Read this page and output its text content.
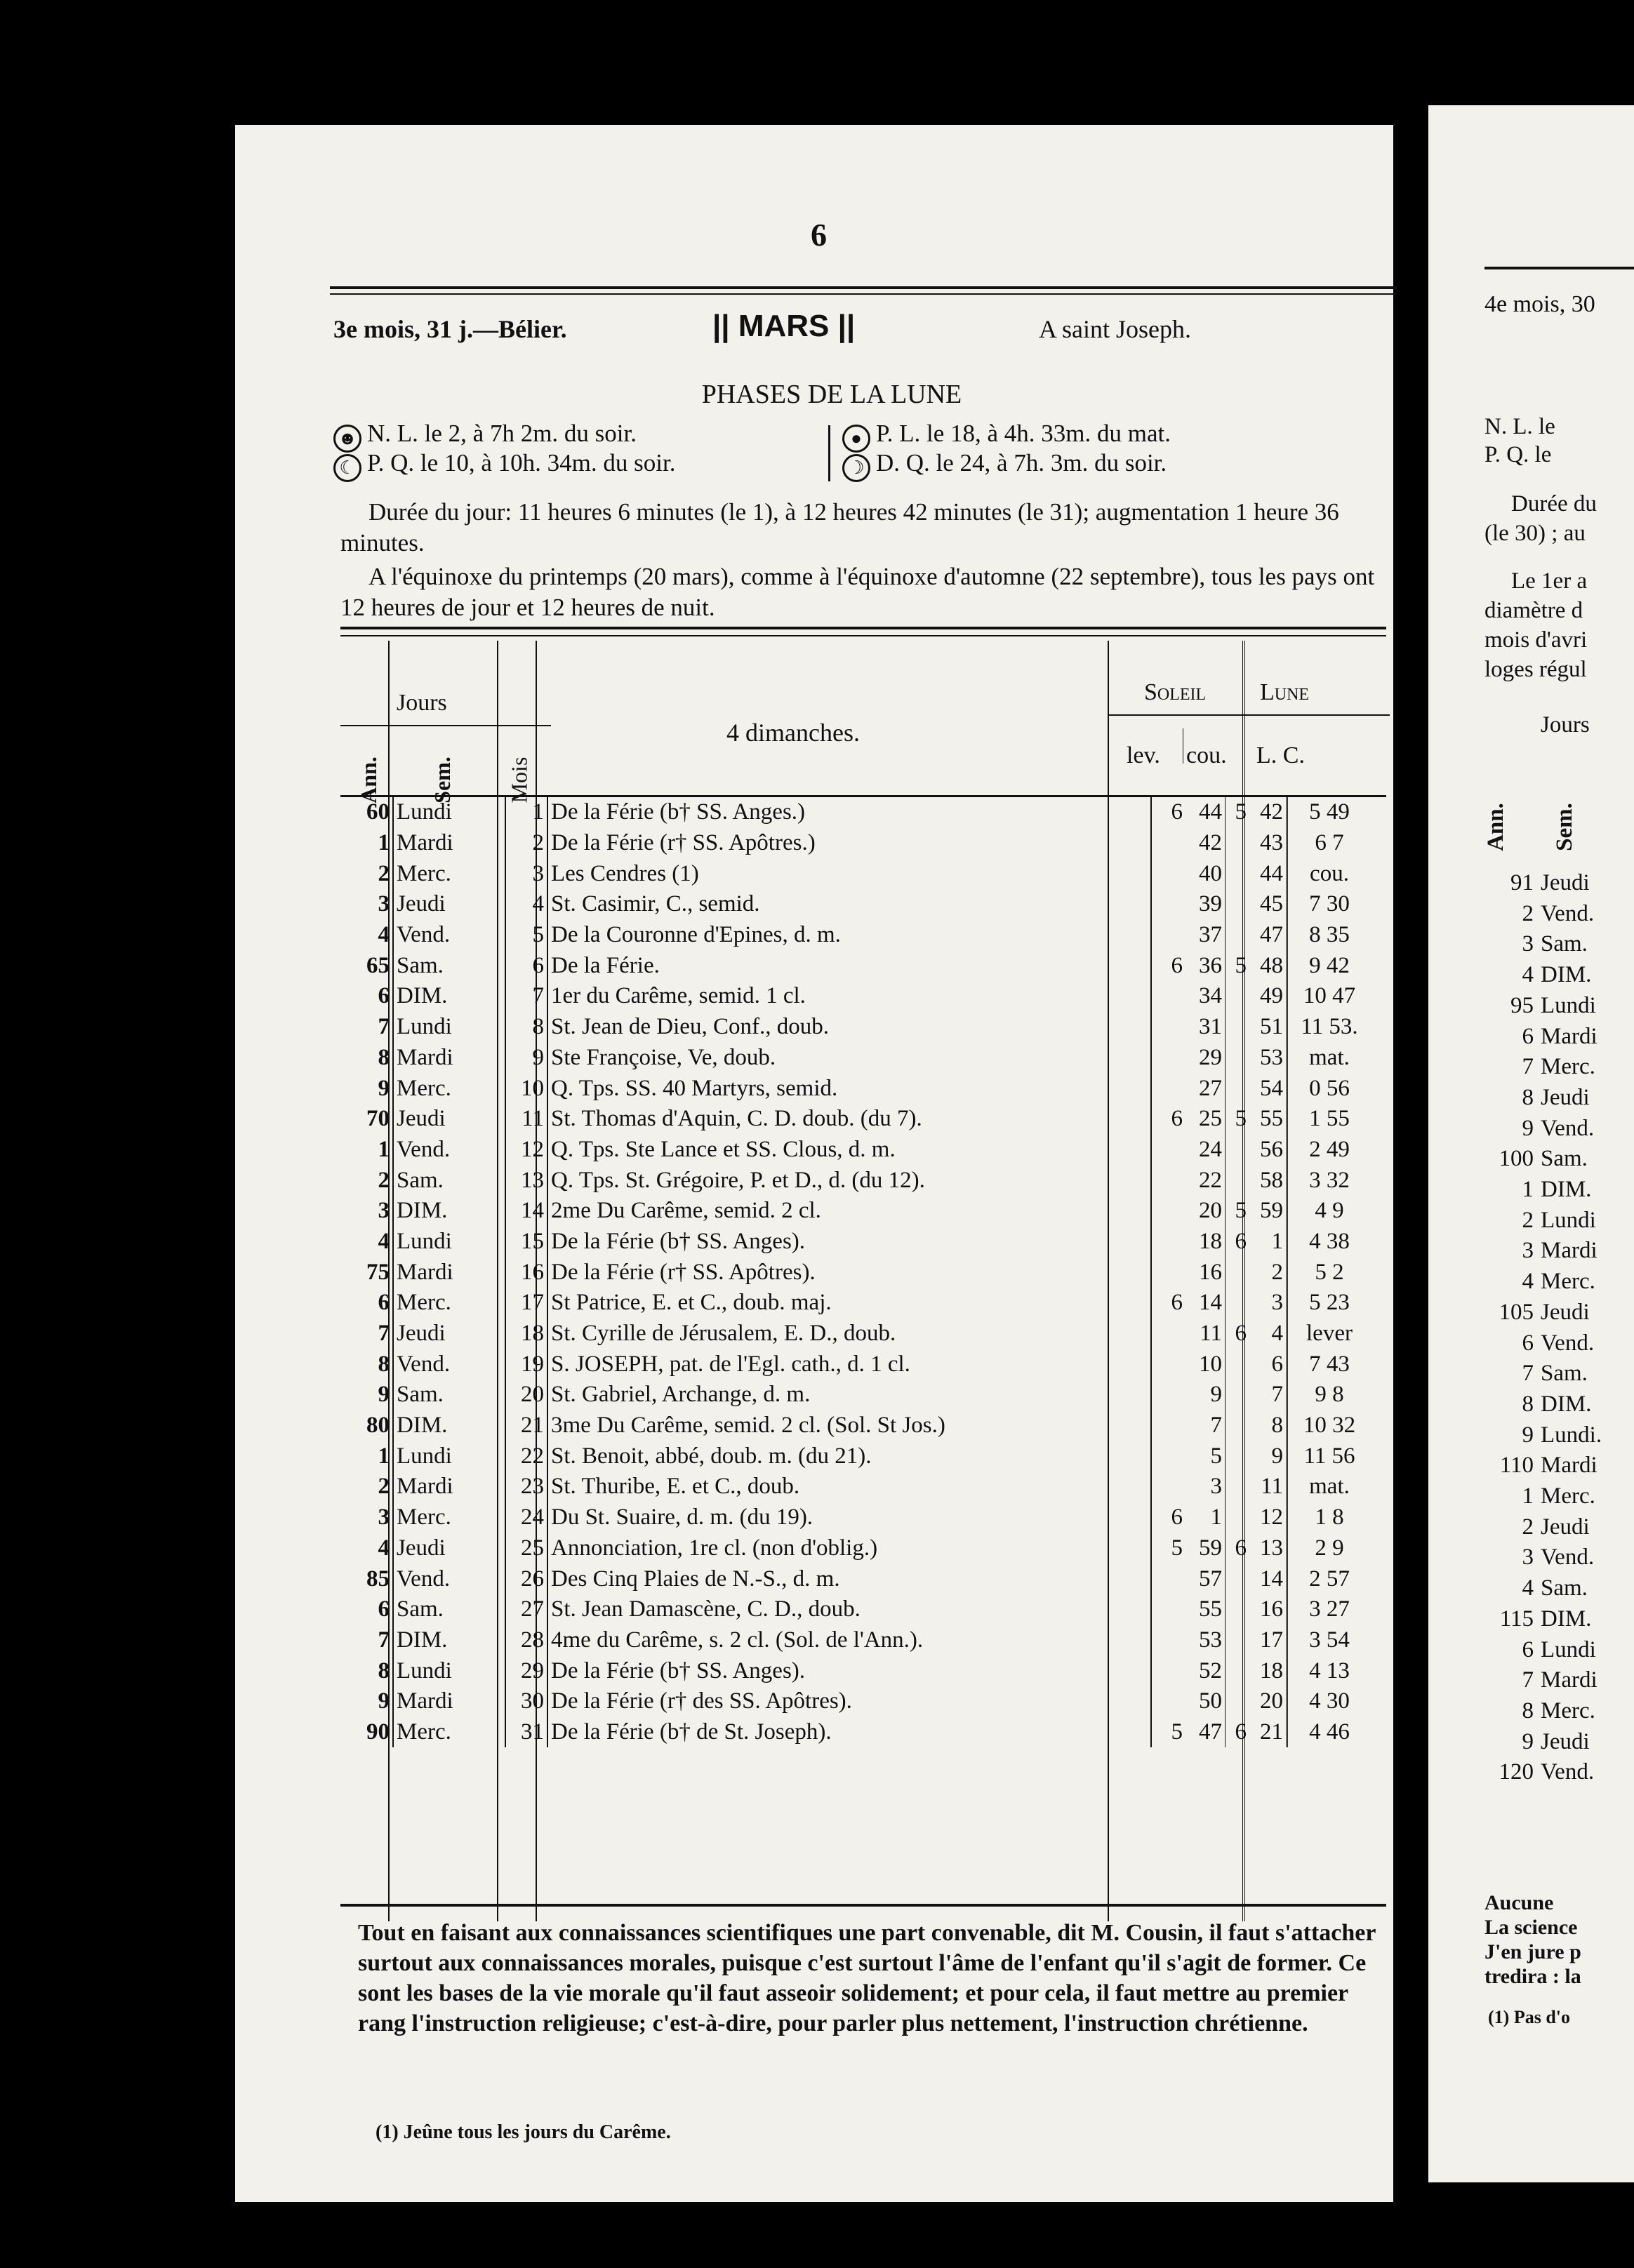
6
3e mois, 31 j.—Bélier.	|| MARS ||	A saint Joseph.
PHASES DE LA LUNE
☻ N. L. le 2, à 7h 2m. du soir.
☾ P. Q. le 10, à 10h. 34m. du soir.
● P. L. le 18, à 4h. 33m. du mat.
☽ D. Q. le 24, à 7h. 3m. du soir.
Durée du jour: 11 heures 6 minutes (le 1), à 12 heures 42 minutes (le 31); augmentation 1 heure 36 minutes.
A l'équinoxe du printemps (20 mars), comme à l'équinoxe d'automne (22 septembre), tous les pays ont 12 heures de jour et 12 heures de nuit.
Jours
Ann. Sem. Mois
4 dimanches.
Soleil Lune
lev. cou. L. C.
60	Lundi	1	De la Férie (b† SS. Anges.)	6	44	5	42	5 49
1	Mardi	2	De la Férie (r† SS. Apôtres.)		42		43	6 7
2	Merc.	3	Les Cendres (1)		40		44	cou.
3	Jeudi	4	St. Casimir, C., semid.		39		45	7 30
4	Vend.	5	De la Couronne d'Epines, d. m.		37		47	8 35
65	Sam.	6	De la Férie.	6	36	5	48	9 42
6	DIM.	7	1er du Carême, semid. 1 cl.		34		49	10 47
7	Lundi	8	St. Jean de Dieu, Conf., doub.		31		51	11 53.
8	Mardi	9	Ste Françoise, Ve, doub.		29		53	mat.
9	Merc.	10	Q. Tps. SS. 40 Martyrs, semid.		27		54	0 56
70	Jeudi	11	St. Thomas d'Aquin, C. D. doub. (du 7).	6	25	5	55	1 55
1	Vend.	12	Q. Tps. Ste Lance et SS. Clous, d. m.		24		56	2 49
2	Sam.	13	Q. Tps. St. Grégoire, P. et D., d. (du 12).		22		58	3 32
3	DIM.	14	2me Du Carême, semid. 2 cl.		20	5	59	4 9
4	Lundi	15	De la Férie (b† SS. Anges).		18	6	1	4 38
75	Mardi	16	De la Férie (r† SS. Apôtres).		16		2	5 2
6	Merc.	17	St Patrice, E. et C., doub. maj.	6	14		3	5 23
7	Jeudi	18	St. Cyrille de Jérusalem, E. D., doub.		11	6	4	lever
8	Vend.	19	S. JOSEPH, pat. de l'Egl. cath., d. 1 cl.		10		6	7 43
9	Sam.	20	St. Gabriel, Archange, d. m.		9		7	9 8
80	DIM.	21	3me Du Carême, semid. 2 cl. (Sol. St Jos.)		7		8	10 32
1	Lundi	22	St. Benoit, abbé, doub. m. (du 21).		5		9	11 56
2	Mardi	23	St. Thuribe, E. et C., doub.		3		11	mat.
3	Merc.	24	Du St. Suaire, d. m. (du 19).	6	1		12	1 8
4	Jeudi	25	Annonciation, 1re cl. (non d'oblig.)	5	59	6	13	2 9
85	Vend.	26	Des Cinq Plaies de N.-S., d. m.		57		14	2 57
6	Sam.	27	St. Jean Damascène, C. D., doub.		55		16	3 27
7	DIM.	28	4me du Carême, s. 2 cl. (Sol. de l'Ann.).		53		17	3 54
8	Lundi	29	De la Férie (b† SS. Anges).		52		18	4 13
9	Mardi	30	De la Férie (r† des SS. Apôtres).		50		20	4 30
90	Merc.	31	De la Férie (b† de St. Joseph).	5	47	6	21	4 46
Tout en faisant aux connaissances scientifiques une part convenable, dit M. Cousin, il faut s'attacher surtout aux connaissances morales, puisque c'est surtout l'âme de l'enfant qu'il s'agit de former. Ce sont les bases de la vie morale qu'il faut asseoir solidement; et pour cela, il faut mettre au premier rang l'instruction religieuse; c'est-à-dire, pour parler plus nettement, l'instruction chrétienne.
(1) Jeûne tous les jours du Carême.
4e mois, 30
N. L. le
P. Q. le
Durée du
(le 30) ; au
Le 1er a
diamètre d
mois d'avri
loges régul
Jours
Ann. Sem.
91 Jeudi
2 Vend.
3 Sam.
4 DIM.
95 Lundi
6 Mardi
7 Merc.
8 Jeudi
9 Vend.
100 Sam.
1 DIM.
2 Lundi
3 Mardi
4 Merc.
105 Jeudi
6 Vend.
7 Sam.
8 DIM.
9 Lundi.
110 Mardi
1 Merc.
2 Jeudi
3 Vend.
4 Sam.
115 DIM.
6 Lundi
7 Mardi
8 Merc.
9 Jeudi
120 Vend.
Aucune
La science
J'en jure p
tredira : la
(1) Pas d'o
